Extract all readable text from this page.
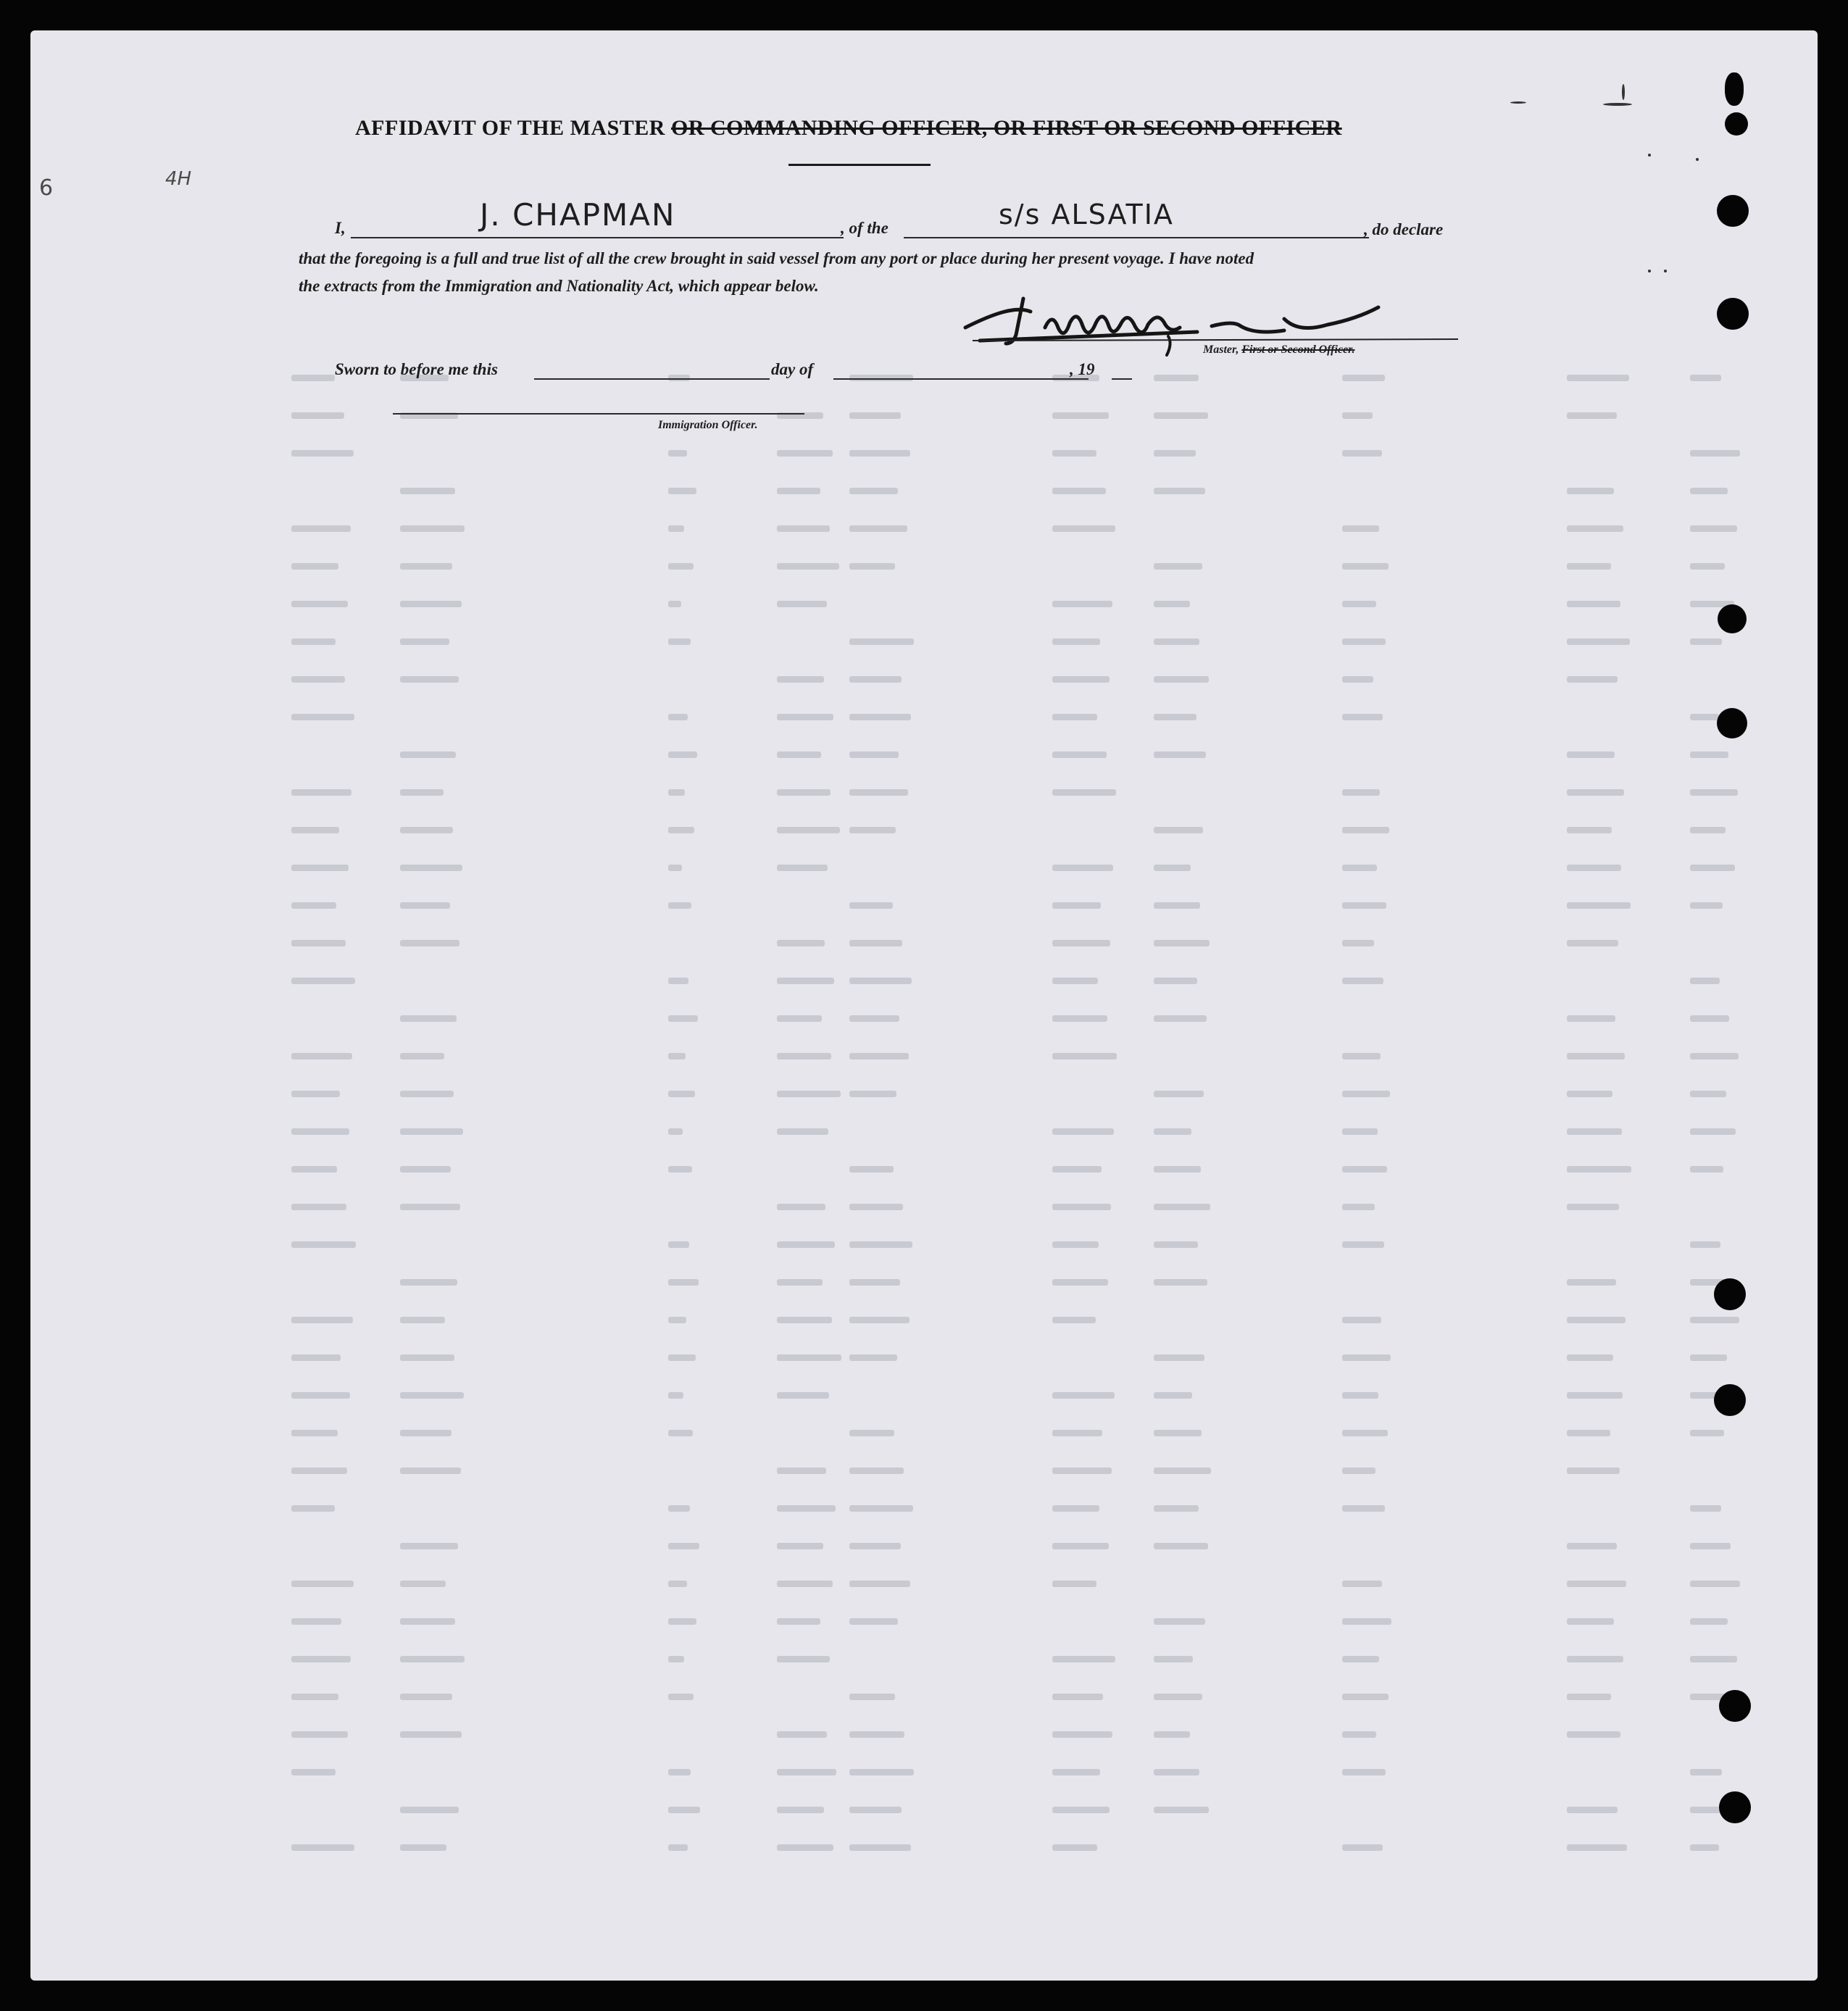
6	4H
AFFIDAVIT OF THE MASTER OR COMMANDING OFFICER, OR FIRST OR SECOND OFFICER
I,	J. CHAPMAN	, of the	s/s ALSATIA	, do declare
that the foregoing is a full and true list of all the crew brought in said vessel from any port or place during her present voyage. I have noted
the extracts from the Immigration and Nationality Act, which appear below.
Master, First or Second Officer.
Sworn to before me this	day of	, 19
Immigration Officer.
